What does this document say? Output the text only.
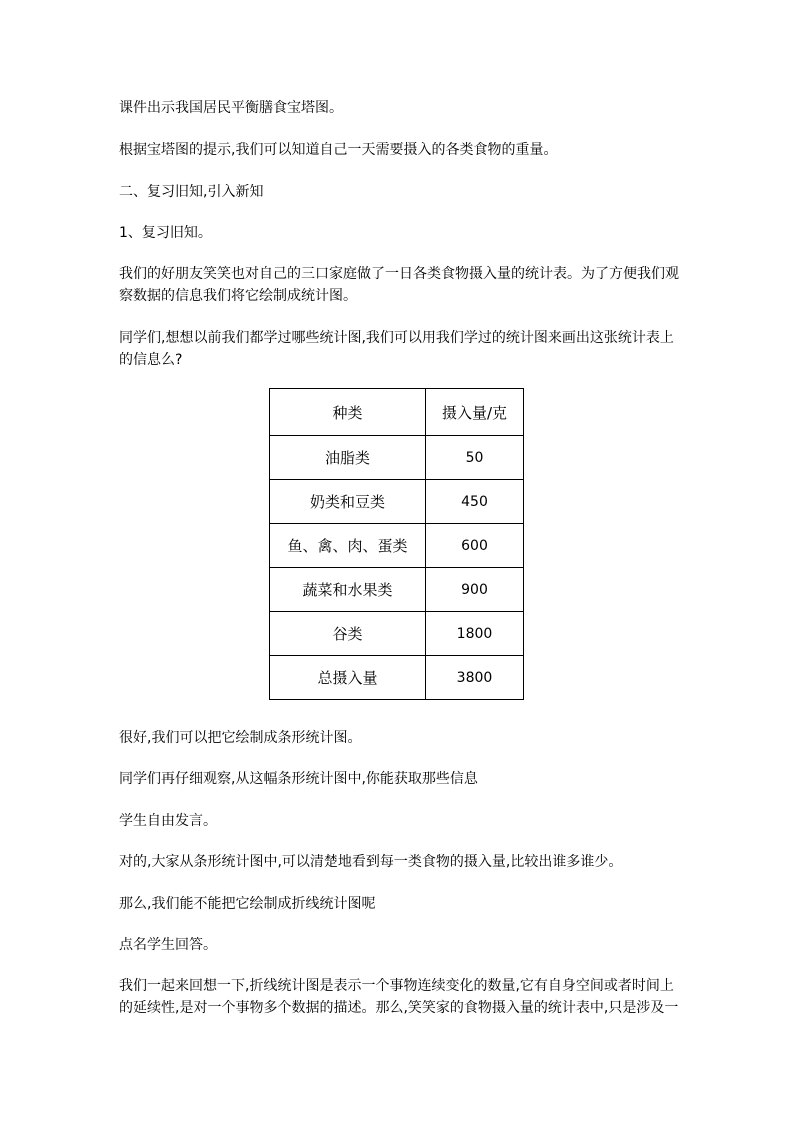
课件出示我国居民平衡膳食宝塔图。

根据宝塔图的提示,我们可以知道自己一天需要摄入的各类食物的重量。

二、复习旧知,引入新知

1、复习旧知。

我们的好朋友笑笑也对自己的三口家庭做了一日各类食物摄入量的统计表。为了方便我们观察数据的信息我们将它绘制成统计图。

同学们,想想以前我们都学过哪些统计图,我们可以用我们学过的统计图来画出这张统计表上的信息么?

种类	摄入量/克
油脂类	50
奶类和豆类	450
鱼、禽、肉、蛋类	600
蔬菜和水果类	900
谷类	1800
总摄入量	3800

很好,我们可以把它绘制成条形统计图。

同学们再仔细观察,从这幅条形统计图中,你能获取那些信息

学生自由发言。

对的,大家从条形统计图中,可以清楚地看到每一类食物的摄入量,比较出谁多谁少。

那么,我们能不能把它绘制成折线统计图呢

点名学生回答。

我们一起来回想一下,折线统计图是表示一个事物连续变化的数量,它有自身空间或者时间上的延续性,是对一个事物多个数据的描述。那么,笑笑家的食物摄入量的统计表中,只是涉及一
